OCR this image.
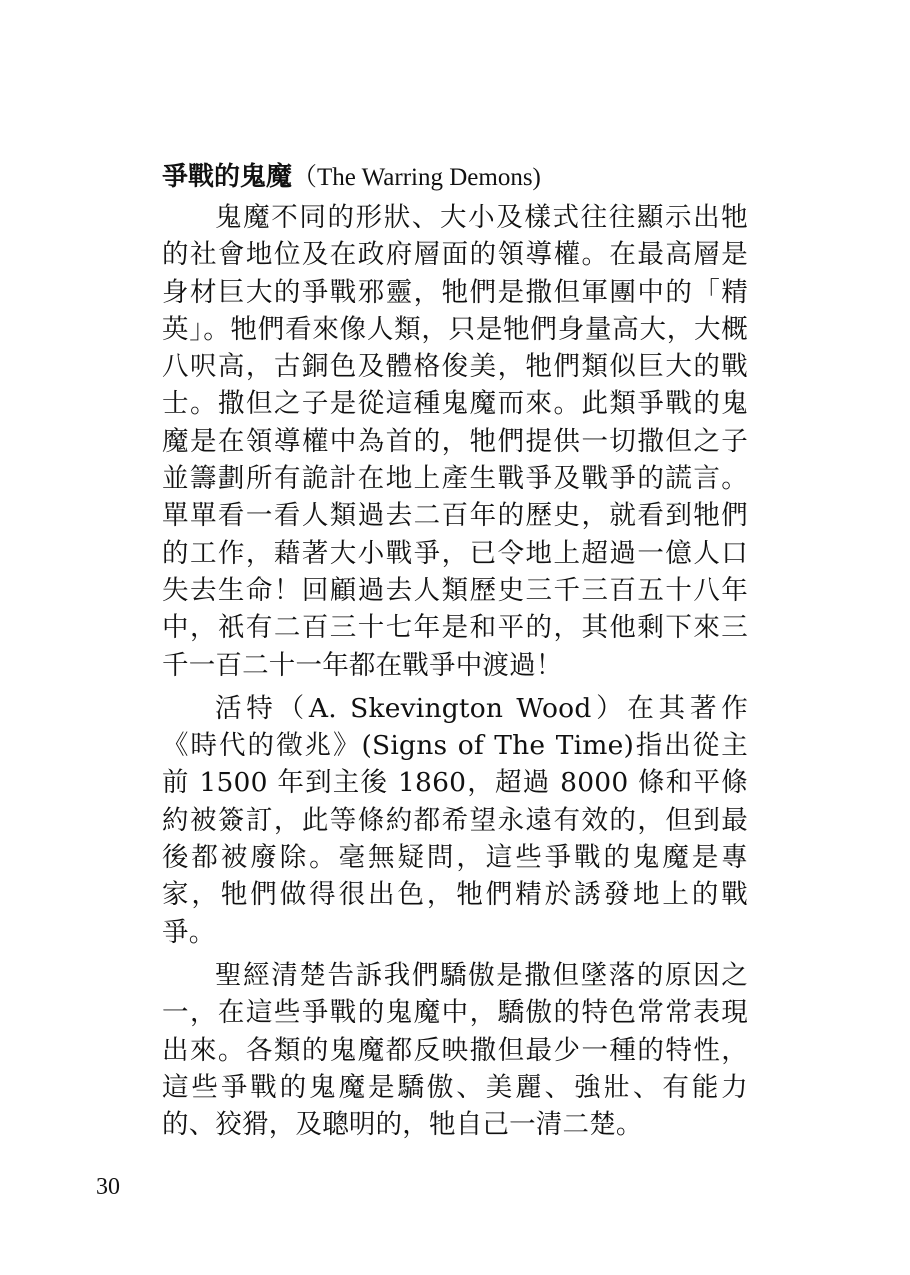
爭戰的鬼魔（The Warring Demons)

鬼魔不同的形狀、大小及樣式往往顯示出牠的社會地位及在政府層面的領導權。在最高層是身材巨大的爭戰邪靈，牠們是撒但軍團中的「精英」。牠們看來像人類，只是牠們身量高大，大概八呎高，古銅色及體格俊美，牠們類似巨大的戰士。撒但之子是從這種鬼魔而來。此類爭戰的鬼魔是在領導權中為首的，牠們提供一切撒但之子並籌劃所有詭計在地上產生戰爭及戰爭的謊言。單單看一看人類過去二百年的歷史，就看到牠們的工作，藉著大小戰爭，已令地上超過一億人口失去生命！回顧過去人類歷史三千三百五十八年中，祇有二百三十七年是和平的，其他剩下來三千一百二十一年都在戰爭中渡過！

活特（A. Skevington Wood）在其著作《時代的徵兆》(Signs of The Time)指出從主前 1500 年到主後 1860，超過 8000 條和平條約被簽訂，此等條約都希望永遠有效的，但到最後都被廢除。毫無疑問，這些爭戰的鬼魔是專家，牠們做得很出色，牠們精於誘發地上的戰爭。

聖經清楚告訴我們驕傲是撒但墜落的原因之一，在這些爭戰的鬼魔中，驕傲的特色常常表現出來。各類的鬼魔都反映撒但最少一種的特性，這些爭戰的鬼魔是驕傲、美麗、強壯、有能力的、狡猾，及聰明的，牠自己一清二楚。

30
